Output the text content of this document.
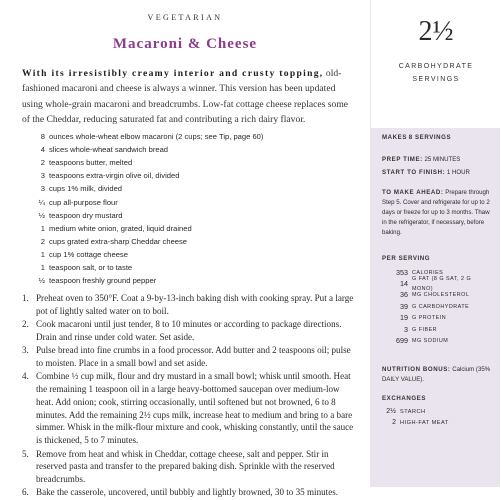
VEGETARIAN
Macaroni & Cheese

With its irresistibly creamy interior and crusty topping, old-fashioned macaroni and cheese is always a winner. This version has been updated using whole-grain macaroni and breadcrumbs. Low-fat cottage cheese replaces some of the Cheddar, reducing saturated fat and contributing a rich dairy flavor.

8 ounces whole-wheat elbow macaroni (2 cups; see Tip, page 60)
4 slices whole-wheat sandwich bread
2 teaspoons butter, melted
3 teaspoons extra-virgin olive oil, divided
3 cups 1% milk, divided
¼ cup all-purpose flour
½ teaspoon dry mustard
1 medium white onion, grated, liquid drained
2 cups grated extra-sharp Cheddar cheese
1 cup 1% cottage cheese
1 teaspoon salt, or to taste
½ teaspoon freshly ground pepper
1. Preheat oven to 350°F. Coat a 9-by-13-inch baking dish with cooking spray. Put a large pot of lightly salted water on to boil.
2. Cook macaroni until just tender, 8 to 10 minutes or according to package directions. Drain and rinse under cold water. Set aside.
3. Pulse bread into fine crumbs in a food processor. Add butter and 2 teaspoons oil; pulse to moisten. Place in a small bowl and set aside.
4. Combine ½ cup milk, flour and dry mustard in a small bowl; whisk until smooth. Heat the remaining 1 teaspoon oil in a large heavy-bottomed saucepan over medium-low heat. Add onion; cook, stirring occasionally, until softened but not browned, 6 to 8 minutes. Add the remaining 2½ cups milk, increase heat to medium and bring to a bare simmer. Whisk in the milk-flour mixture and cook, whisking constantly, until the sauce is thickened, 5 to 7 minutes.
5. Remove from heat and whisk in Cheddar, cottage cheese, salt and pepper. Stir in reserved pasta and transfer to the prepared baking dish. Sprinkle with the reserved breadcrumbs.
6. Bake the casserole, uncovered, until bubbly and lightly browned, 30 to 35 minutes.
2½
CARBOHYDRATE SERVINGS
MAKES 8 SERVINGS
PREP TIME: 25 MINUTES
START TO FINISH: 1 HOUR
TO MAKE AHEAD: Prepare through Step 5. Cover and refrigerate for up to 2 days or freeze for up to 3 months. Thaw in the refrigerator, if necessary, before baking.
PER SERVING
353 CALORIES
14 G FAT (8 G SAT, 2 G MONO)
36 MG CHOLESTEROL
39 G CARBOHYDRATE
19 G PROTEIN
3 G FIBER
699 MG SODIUM
NUTRITION BONUS: Calcium (35% DAILY VALUE).
EXCHANGES
2½ STARCH
2 HIGH-FAT MEAT
